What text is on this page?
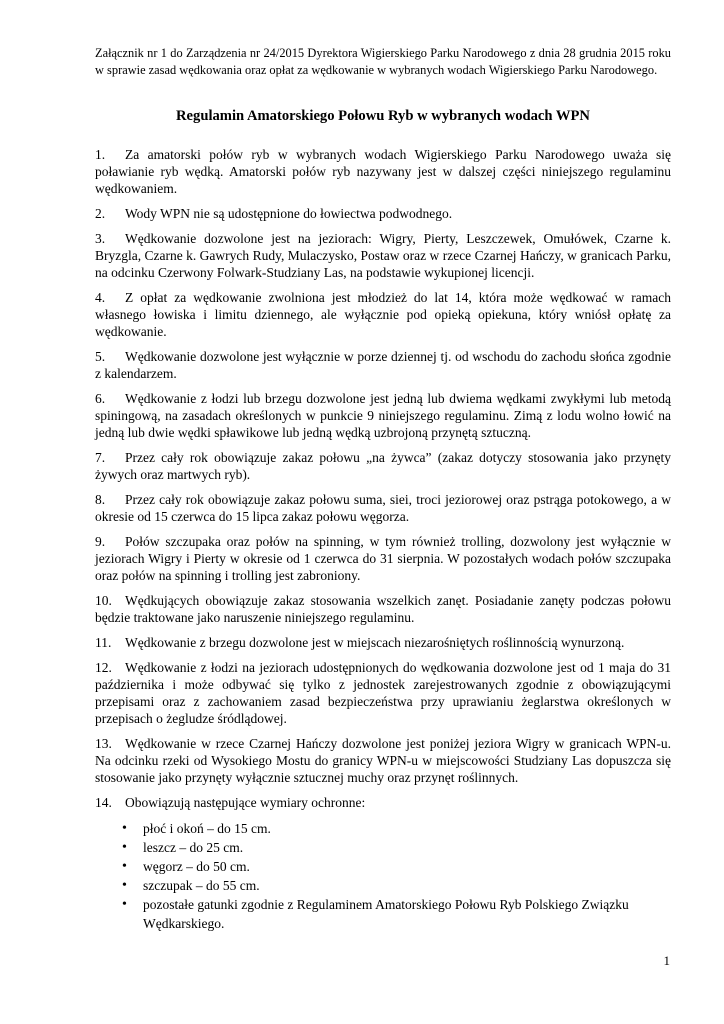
Załącznik nr 1 do Zarządzenia nr 24/2015 Dyrektora Wigierskiego Parku Narodowego z dnia 28 grudnia 2015 roku w sprawie zasad wędkowania oraz opłat za wędkowanie w wybranych wodach Wigierskiego Parku Narodowego.

Regulamin Amatorskiego Połowu Ryb w wybranych wodach WPN

1. Za amatorski połów ryb w wybranych wodach Wigierskiego Parku Narodowego uważa się poławianie ryb wędką. Amatorski połów ryb nazywany jest w dalszej części niniejszego regulaminu wędkowaniem.

2. Wody WPN nie są udostępnione do łowiectwa podwodnego.

3. Wędkowanie dozwolone jest na jeziorach: Wigry, Pierty, Leszczewek, Omułówek, Czarne k. Bryzgla, Czarne k. Gawrych Rudy, Mulaczysko, Postaw oraz w rzece Czarnej Hańczy, w granicach Parku, na odcinku Czerwony Folwark-Studziany Las, na podstawie wykupionej licencji.

4. Z opłat za wędkowanie zwolniona jest młodzież do lat 14, która może wędkować w ramach własnego łowiska i limitu dziennego, ale wyłącznie pod opieką opiekuna, który wniósł opłatę za wędkowanie.

5. Wędkowanie dozwolone jest wyłącznie w porze dziennej tj. od wschodu do zachodu słońca zgodnie z kalendarzem.

6. Wędkowanie z łodzi lub brzegu dozwolone jest jedną lub dwiema wędkami zwykłymi lub metodą spiningową, na zasadach określonych w punkcie 9 niniejszego regulaminu. Zimą z lodu wolno łowić na jedną lub dwie wędki spławikowe lub jedną wędką uzbrojoną przynętą sztuczną.

7. Przez cały rok obowiązuje zakaz połowu „na żywca” (zakaz dotyczy stosowania jako przynęty żywych oraz martwych ryb).

8. Przez cały rok obowiązuje zakaz połowu suma, siei, troci jeziorowej oraz pstrąga potokowego, a w okresie od 15 czerwca do 15 lipca zakaz połowu węgorza.

9. Połów szczupaka oraz połów na spinning, w tym również trolling, dozwolony jest wyłącznie w jeziorach Wigry i Pierty w okresie od 1 czerwca do 31 sierpnia. W pozostałych wodach połów szczupaka oraz połów na spinning i trolling jest zabroniony.

10. Wędkujących obowiązuje zakaz stosowania wszelkich zanęt. Posiadanie zanęty podczas połowu będzie traktowane jako naruszenie niniejszego regulaminu.

11. Wędkowanie z brzegu dozwolone jest w miejscach niezarośniętych roślinnością wynurzoną.

12. Wędkowanie z łodzi na jeziorach udostępnionych do wędkowania dozwolone jest od 1 maja do 31 października i może odbywać się tylko z jednostek zarejestrowanych zgodnie z obowiązującymi przepisami oraz z zachowaniem zasad bezpieczeństwa przy uprawianiu żeglarstwa określonych w przepisach o żegludze śródlądowej.

13. Wędkowanie w rzece Czarnej Hańczy dozwolone jest poniżej jeziora Wigry w granicach WPN-u. Na odcinku rzeki od Wysokiego Mostu do granicy WPN-u w miejscowości Studziany Las dopuszcza się stosowanie jako przynęty wyłącznie sztucznej muchy oraz przynęt roślinnych.

14. Obowiązują następujące wymiary ochronne:

• płoć i okoń – do 15 cm.
• leszcz – do 25 cm.
• węgorz – do 50 cm.
• szczupak – do 55 cm.
• pozostałe gatunki zgodnie z Regulaminem Amatorskiego Połowu Ryb Polskiego Związku Wędkarskiego.
1
